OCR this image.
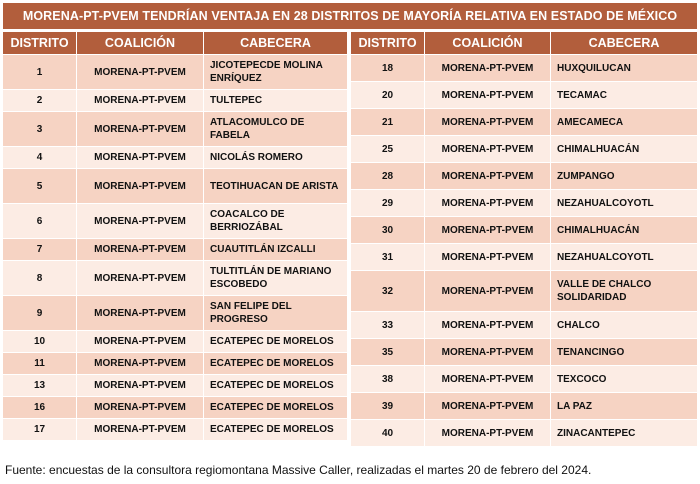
MORENA-PT-PVEM TENDRÍAN VENTAJA EN 28 DISTRITOS DE MAYORÍA RELATIVA EN ESTADO DE MÉXICO
DISTRITO	COALICIÓN	CABECERA
1	MORENA-PT-PVEM	JICOTEPECDE MOLINA ENRÍQUEZ
2	MORENA-PT-PVEM	TULTEPEC
3	MORENA-PT-PVEM	ATLACOMULCO DE FABELA
4	MORENA-PT-PVEM	NICOLÁS ROMERO
5	MORENA-PT-PVEM	TEOTIHUACAN DE ARISTA
6	MORENA-PT-PVEM	COACALCO DE BERRIOZÁBAL
7	MORENA-PT-PVEM	CUAUTITLÁN IZCALLI
8	MORENA-PT-PVEM	TULTITLÁN DE MARIANO ESCOBEDO
9	MORENA-PT-PVEM	SAN FELIPE DEL PROGRESO
10	MORENA-PT-PVEM	ECATEPEC DE MORELOS
11	MORENA-PT-PVEM	ECATEPEC DE MORELOS
13	MORENA-PT-PVEM	ECATEPEC DE MORELOS
16	MORENA-PT-PVEM	ECATEPEC DE MORELOS
17	MORENA-PT-PVEM	ECATEPEC DE MORELOS
DISTRITO	COALICIÓN	CABECERA
18	MORENA-PT-PVEM	HUXQUILUCAN
20	MORENA-PT-PVEM	TECAMAC
21	MORENA-PT-PVEM	AMECAMECA
25	MORENA-PT-PVEM	CHIMALHUACÁN
28	MORENA-PT-PVEM	ZUMPANGO
29	MORENA-PT-PVEM	NEZAHUALCOYOTL
30	MORENA-PT-PVEM	CHIMALHUACÁN
31	MORENA-PT-PVEM	NEZAHUALCOYOTL
32	MORENA-PT-PVEM	VALLE DE CHALCO SOLIDARIDAD
33	MORENA-PT-PVEM	CHALCO
35	MORENA-PT-PVEM	TENANCINGO
38	MORENA-PT-PVEM	TEXCOCO
39	MORENA-PT-PVEM	LA PAZ
40	MORENA-PT-PVEM	ZINACANTEPEC
Fuente: encuestas de la consultora regiomontana Massive Caller, realizadas el martes 20 de febrero del 2024.
